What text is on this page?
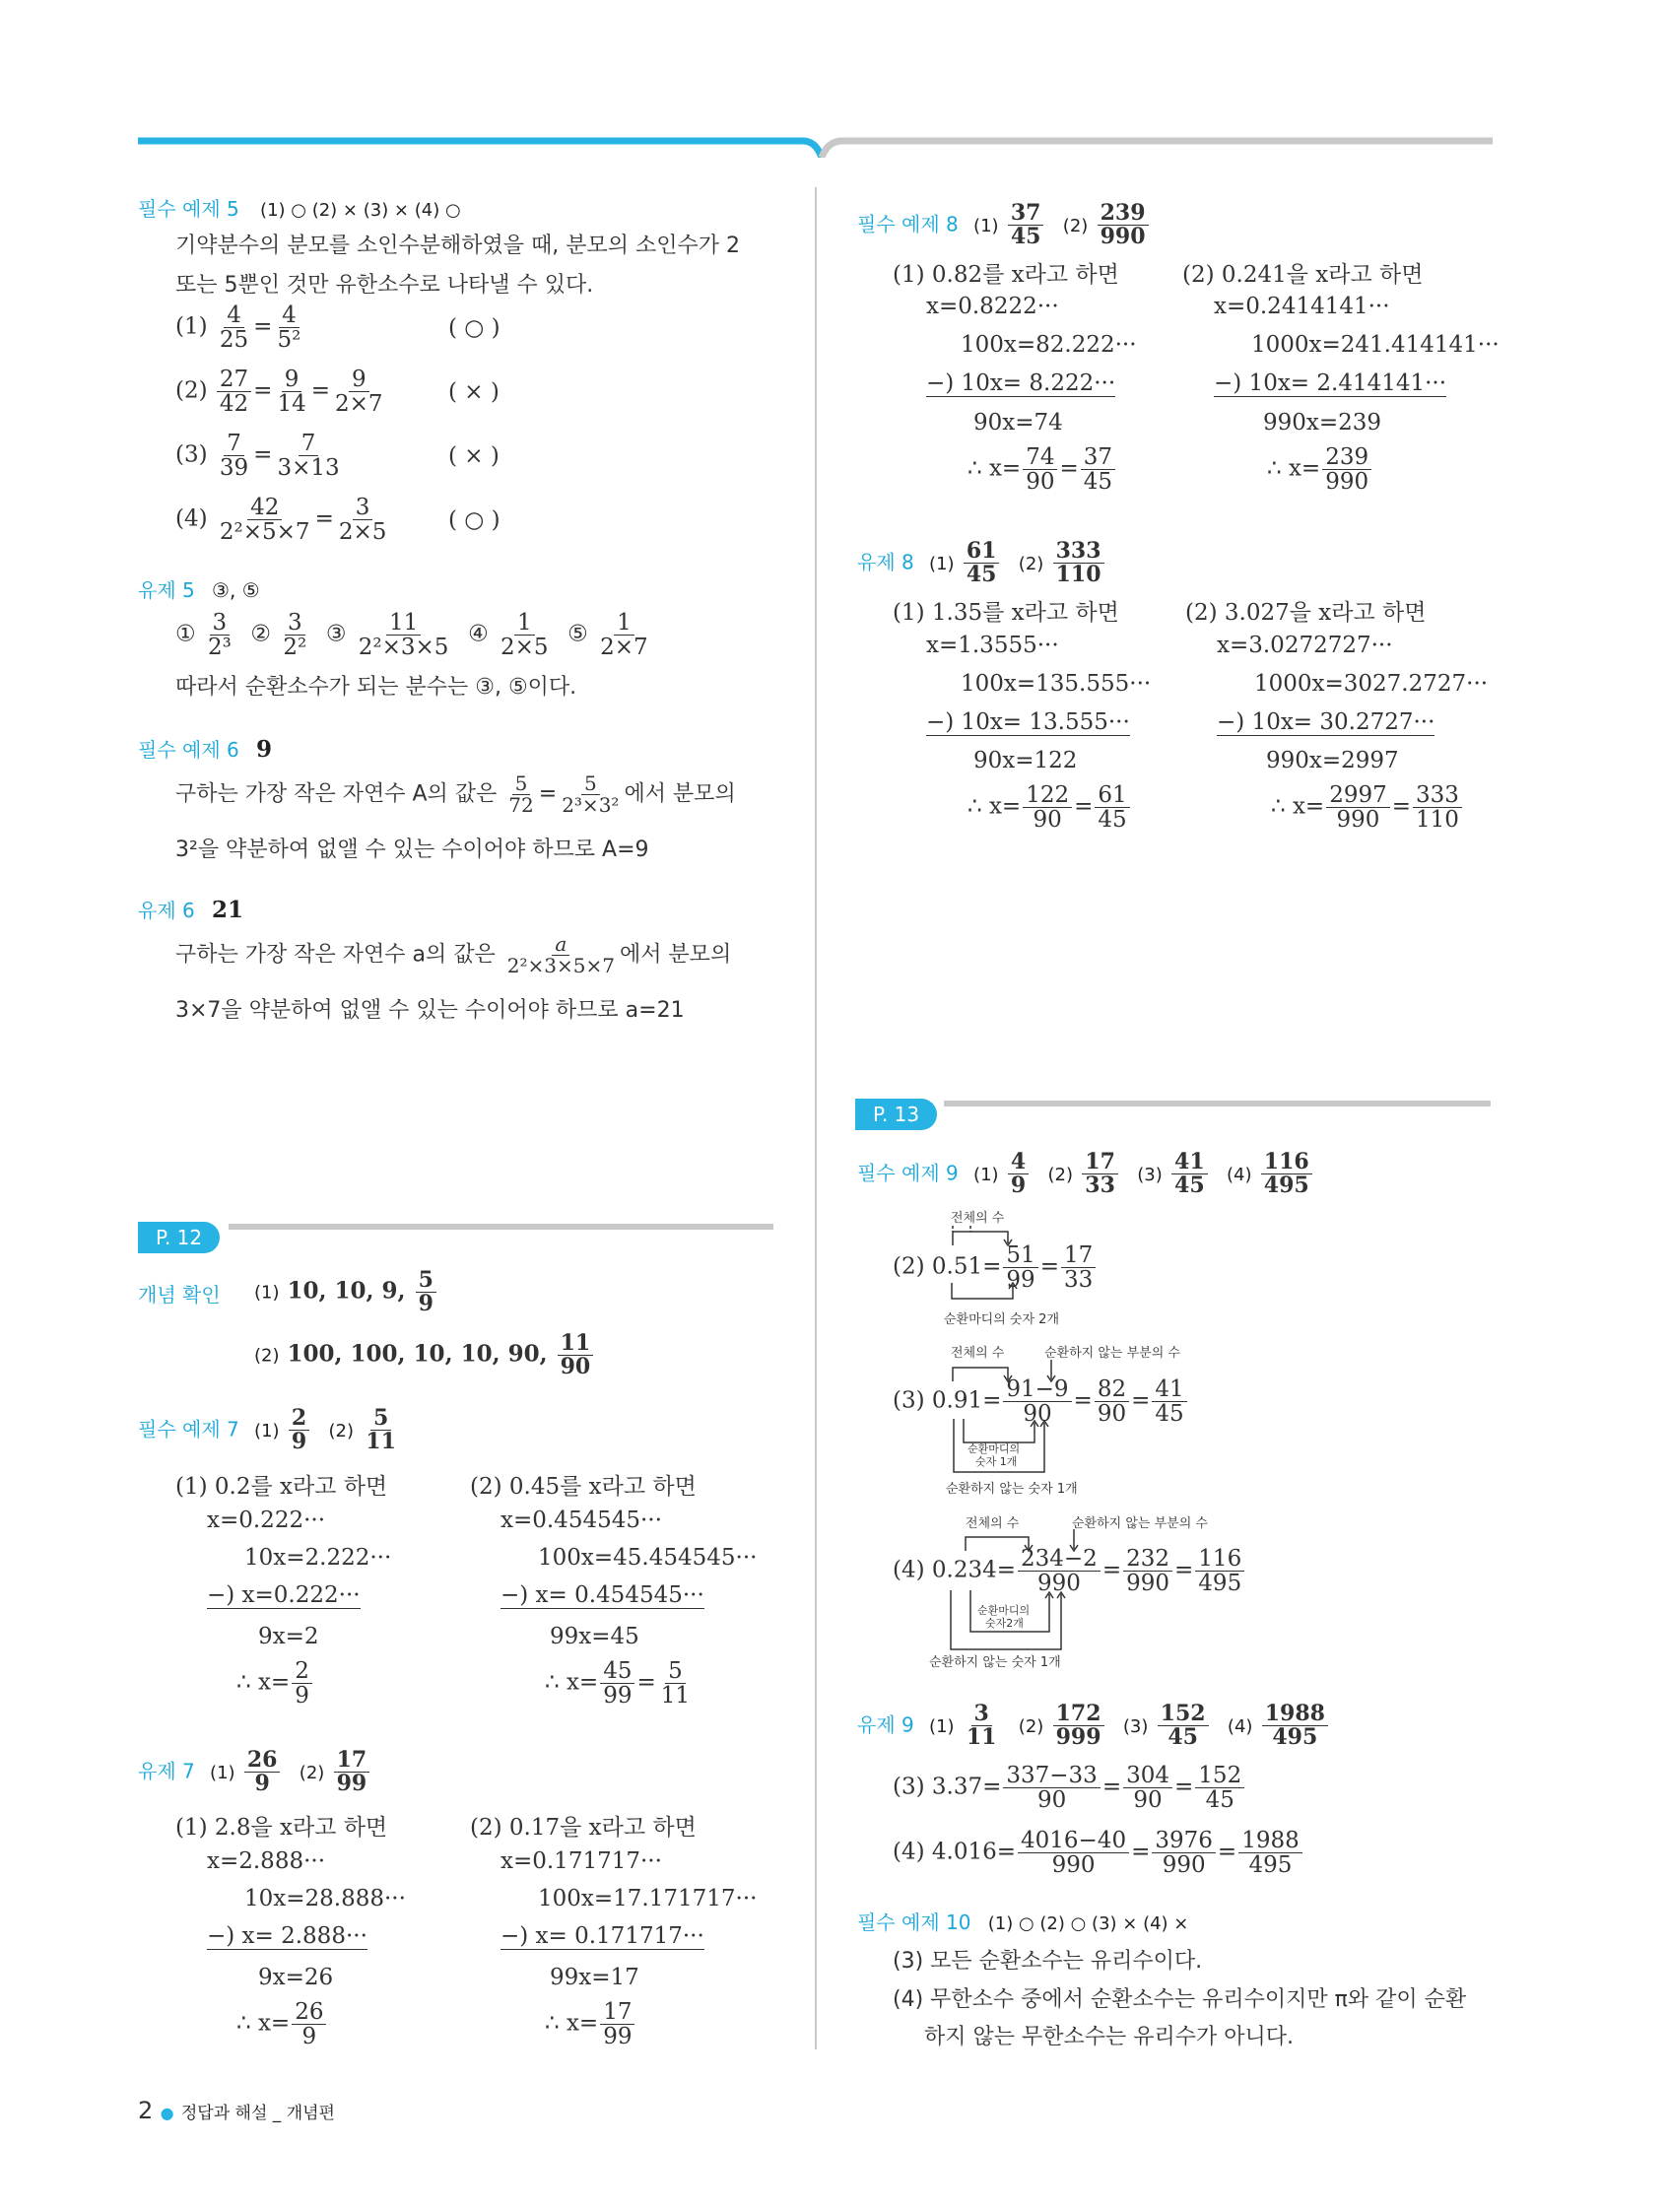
필수 예제 5 (1) ○ (2) × (3) × (4) ○
기약분수의 분모를 소인수분해하였을 때, 분모의 소인수가 2
또는 5뿐인 것만 유한소수로 나타낼 수 있다.
$(1) \frac{4}{25} = \frac{4}{\text{5²}}$	( ○ )
$(2) \frac{27}{42} = \frac{9}{14} = \frac{9}{2\times 7}$	( × )
$(3) \frac{7}{39} = \frac{7}{3\times 13}$	( × )
$(4) \frac{42}{\text{2²×5×7}} = \frac{3}{2\times 5}$	( ○ )
유제 5 ③, ⑤
① $\frac{3}{\text{2³}}$ ② $\frac{3}{\text{2²}}$ ③ $\frac{11}{\text{2²×3×5}}$ ④ $\frac{1}{2\times 5}$ ⑤ $\frac{1}{2\times 7}$
따라서 순환소수가 되는 분수는 ③, ⑤이다.
필수 예제 6 9
구하는 가장 작은 자연수 A의 값은 $\frac{5}{72} = \frac{5}{\text{2³×3²}}$ 에서 분모의
3²을 약분하여 없앨 수 있는 수이어야 하므로 A=9
유제 6 21
구하는 가장 작은 자연수 a의 값은 $\frac{a}{\text{2²×3×5×7}}$ 에서 분모의
3×7을 약분하여 없앨 수 있는 수이어야 하므로 a=21
P. 12
개념 확인 (1) 10, 10, 9, $\frac{5}{9}$
(2) 100, 100, 10, 10, 90, $\frac{11}{90}$
필수 예제 7 $(1) \frac{2}{9} (2) \frac{5}{11}$
(1) 0.2를 x라고 하면
x=0.222···
10x=2.222···
−) x=0.222···
9x=2
∴ $x= \frac{2}{9}$
(2) 0.45를 x라고 하면
x=0.454545···
100x=45.454545···
−) x= 0.454545···
99x=45
∴ $x= \frac{45}{99} = \frac{5}{11}$
유제 7 $(1) \frac{26}{9} (2) \frac{17}{99}$
(1) 2.8을 x라고 하면
x=2.888···
10x=28.888···
−) x= 2.888···
9x=26
∴ $x= \frac{26}{9}$
(2) 0.17을 x라고 하면
x=0.171717···
100x=17.171717···
−) x= 0.171717···
99x=17
∴ $x= \frac{17}{99}$
2 ● 정답과 해설 _ 개념편
필수 예제 8 $(1) \frac{37}{45} (2) \frac{239}{990}$
(1) 0.82를 x라고 하면
x=0.8222···
100x=82.222···
−) 10x= 8.222···
90x=74
∴ $x= \frac{74}{90} = \frac{37}{45}$
(2) 0.241을 x라고 하면
x=0.2414141···
1000x=241.414141···
−) 10x= 2.414141···
990x=239
∴ $x= \frac{239}{990}$
유제 8 $(1) \frac{61}{45} (2) \frac{333}{110}$
(1) 1.35를 x라고 하면
x=1.3555···
100x=135.555···
−) 10x= 13.555···
90x=122
∴ $x= \frac{122}{90} = \frac{61}{45}$
(2) 3.027을 x라고 하면
x=3.0272727···
1000x=3027.2727···
−) 10x= 30.2727···
990x=2997
∴ $x= \frac{2997}{990} = \frac{333}{110}$
P. 13
필수 예제 9 $(1) \frac{4}{9} (2) \frac{17}{33} (3) \frac{41}{45} (4) \frac{116}{495}$
전체의 수
(2) $0.51= \frac{51}{99} = \frac{17}{33}$
순환마디의 숫자 2개
전체의 수	순환하지 않는 부분의 수
(3) $0.91= \frac{91-9}{90} = \frac{82}{90} = \frac{41}{45}$
순환마디의
숫자 1개
순환하지 않는 숫자 1개
전체의 수	순환하지 않는 부분의 수
(4) $0.234= \frac{234-2}{990} = \frac{232}{990} = \frac{116}{495}$
순환마디의
숫자2개
순환하지 않는 숫자 1개
유제 9 $(1) \frac{3}{11} (2) \frac{172}{999} (3) \frac{152}{45} (4) \frac{1988}{495}$
(3) $3.37= \frac{337-33}{90} = \frac{304}{90} = \frac{152}{45}$
(4) $4.016= \frac{4016-40}{990} = \frac{3976}{990} = \frac{1988}{495}$
필수 예제 10 (1) ○ (2) ○ (3) × (4) ×
(3) 모든 순환소수는 유리수이다.
(4) 무한소수 중에서 순환소수는 유리수이지만 π와 같이 순환
하지 않는 무한소수는 유리수가 아니다.
